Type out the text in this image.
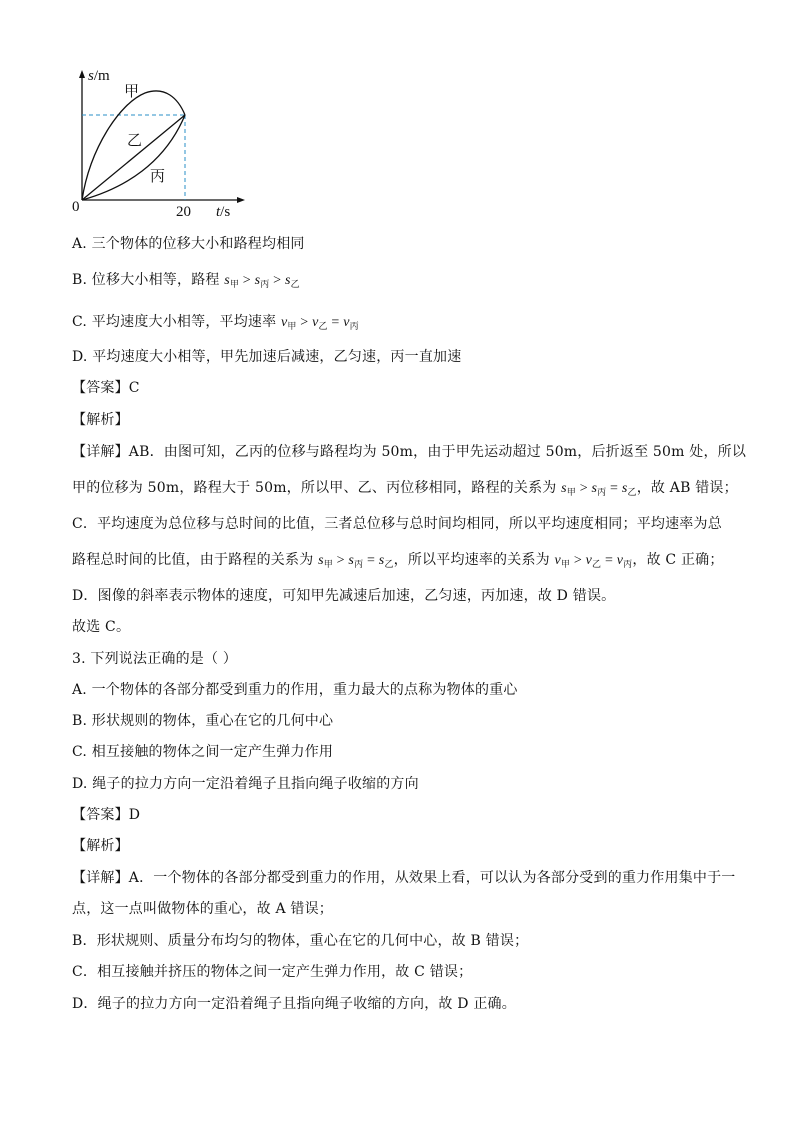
s/m
t/s
0	20
甲
乙
丙
A. 三个物体的位移大小和路程均相同
B. 位移大小相等，路程 $s_甲 > s_丙 > s_乙$
C. 平均速度大小相等，平均速率 $v_甲 > v_乙 = v_丙$
D. 平均速度大小相等，甲先加速后减速，乙匀速，丙一直加速
【答案】C
【解析】
【详解】AB．由图可知，乙丙的位移与路程均为 50m，由于甲先运动超过 50m，后折返至 50m 处，所以
甲的位移为 50m，路程大于 50m，所以甲、乙、丙位移相同，路程的关系为 $s_甲 > s_丙 = s_乙$，故 AB 错误；
C．平均速度为总位移与总时间的比值，三者总位移与总时间均相同，所以平均速度相同；平均速率为总
路程总时间的比值，由于路程的关系为 $s_甲 > s_丙 = s_乙$，所以平均速率的关系为 $v_甲 > v_乙 = v_丙$，故 C 正确；
D．图像的斜率表示物体的速度，可知甲先减速后加速，乙匀速，丙加速，故 D 错误。
故选 C。
3. 下列说法正确的是（ ）
A. 一个物体的各部分都受到重力的作用，重力最大的点称为物体的重心
B. 形状规则的物体，重心在它的几何中心
C. 相互接触的物体之间一定产生弹力作用
D. 绳子的拉力方向一定沿着绳子且指向绳子收缩的方向
【答案】D
【解析】
【详解】A．一个物体的各部分都受到重力的作用，从效果上看，可以认为各部分受到的重力作用集中于一
点，这一点叫做物体的重心，故 A 错误；
B．形状规则、质量分布均匀的物体，重心在它的几何中心，故 B 错误；
C．相互接触并挤压的物体之间一定产生弹力作用，故 C 错误；
D．绳子的拉力方向一定沿着绳子且指向绳子收缩的方向，故 D 正确。
